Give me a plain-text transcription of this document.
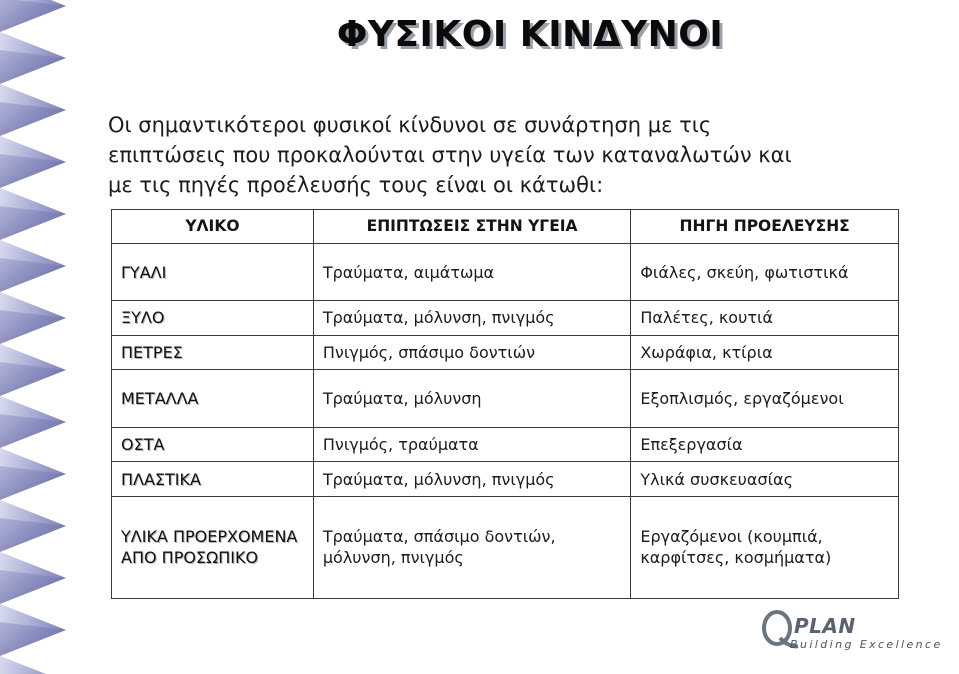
ΦΥΣΙΚΟΙ ΚΙΝΔΥΝΟΙ
Οι σημαντικότεροι φυσικοί κίνδυνοι σε συνάρτηση με τις
επιπτώσεις που προκαλούνται στην υγεία των καταναλωτών και
με τις πηγές προέλευσής τους είναι οι κάτωθι:
ΥΛΙΚΟ	ΕΠΙΠΤΩΣΕΙΣ ΣΤΗΝ ΥΓΕΙΑ	ΠΗΓΗ ΠΡΟΕΛΕΥΣΗΣ
ΓΥΑΛΙ	Τραύματα, αιμάτωμα	Φιάλες, σκεύη, φωτιστικά
ΞΥΛΟ	Τραύματα, μόλυνση, πνιγμός	Παλέτες, κουτιά
ΠΕΤΡΕΣ	Πνιγμός, σπάσιμο δοντιών	Χωράφια, κτίρια
ΜΕΤΑΛΛΑ	Τραύματα, μόλυνση	Εξοπλισμός, εργαζόμενοι
ΟΣΤΑ	Πνιγμός, τραύματα	Επεξεργασία
ΠΛΑΣΤΙΚΑ	Τραύματα, μόλυνση, πνιγμός	Υλικά συσκευασίας
ΥΛΙΚΑ ΠΡΟΕΡΧΟΜΕΝΑ ΑΠΟ ΠΡΟΣΩΠΙΚΟ	Τραύματα, σπάσιμο δοντιών, μόλυνση, πνιγμός	Εργαζόμενοι (κουμπιά, καρφίτσες, κοσμήματα)
PLAN
Building Excellence
